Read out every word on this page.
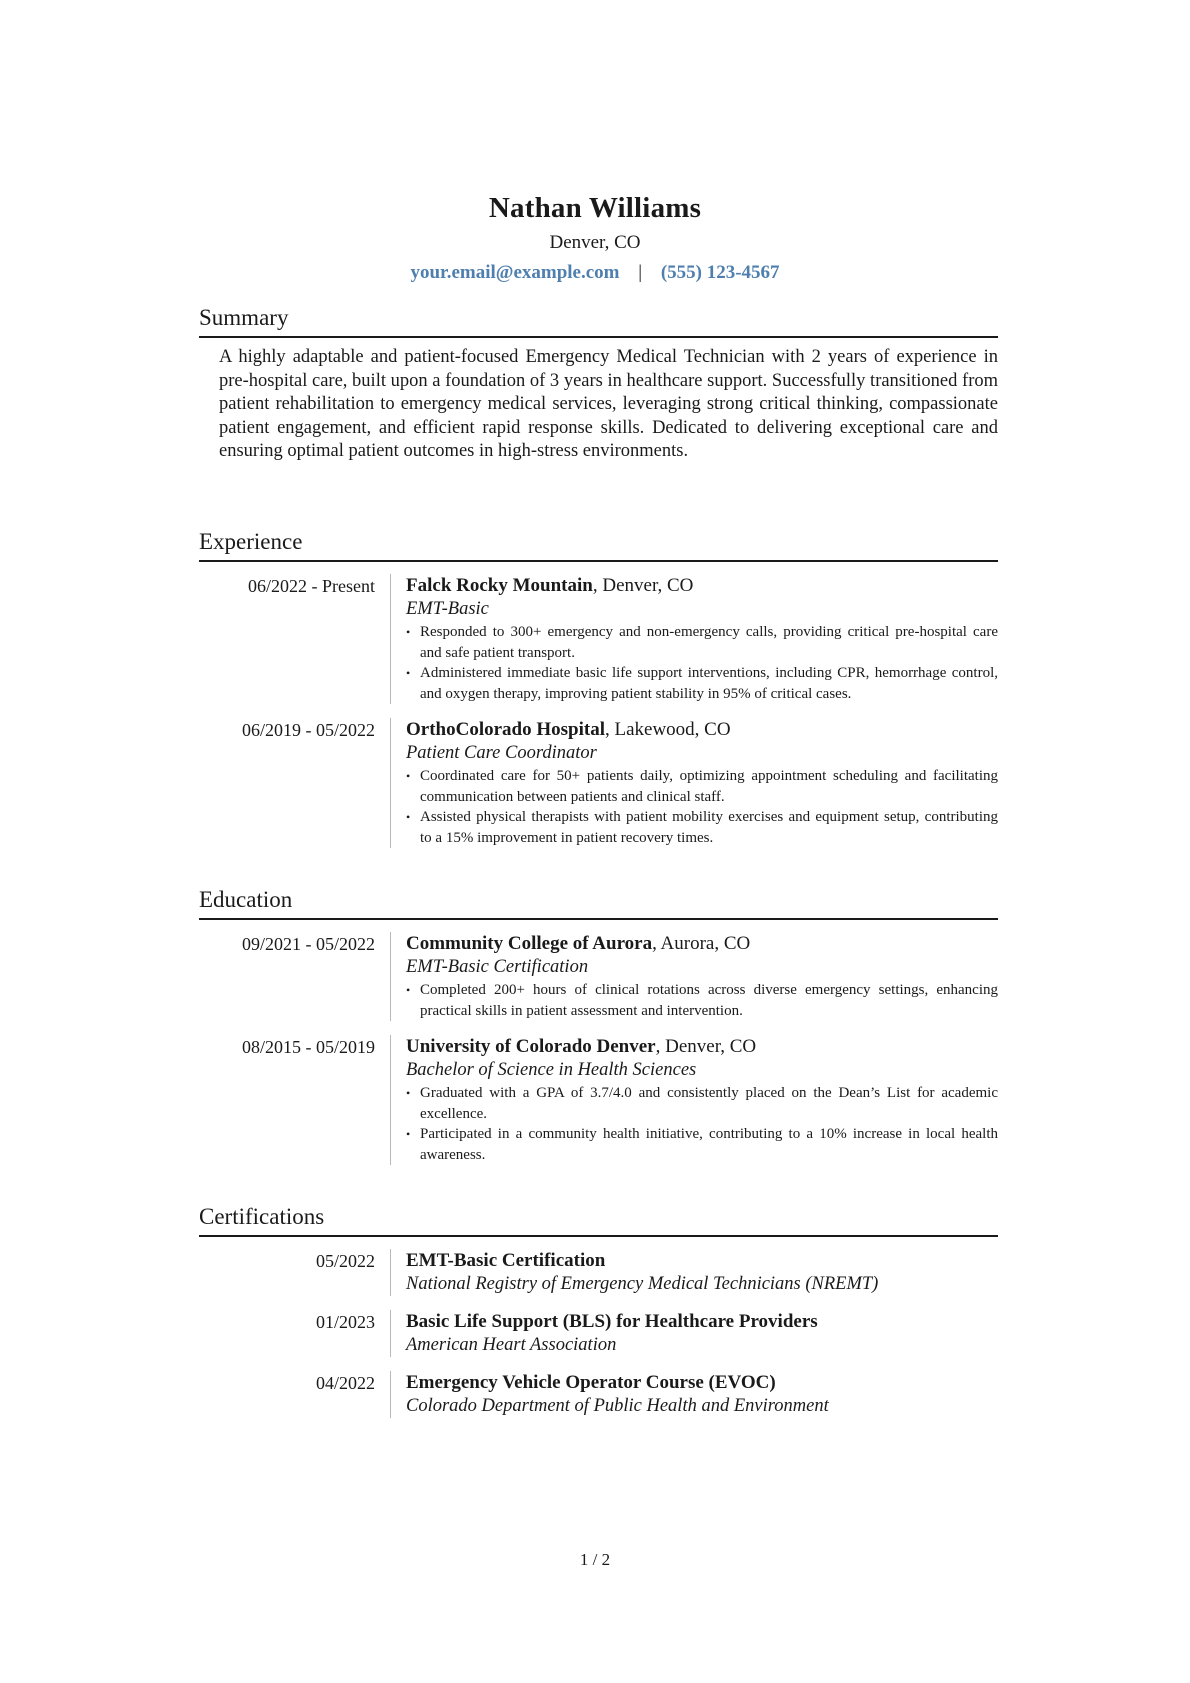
Nathan Williams
Denver, CO
your.email@example.com | (555) 123-4567
Summary

A highly adaptable and patient-focused Emergency Medical Technician with 2 years of experience in pre-hospital care, built upon a foundation of 3 years in healthcare support. Successfully transitioned from patient rehabilitation to emergency medical services, leveraging strong critical thinking, compassionate patient engagement, and efficient rapid response skills. Dedicated to delivering exceptional care and ensuring optimal patient outcomes in high-stress environments.

Experience
06/2022 - Present	Falck Rocky Mountain, Denver, CO
EMT-Basic
• Responded to 300+ emergency and non-emergency calls, providing critical pre-hospital care and safe patient transport.
• Administered immediate basic life support interventions, including CPR, hemorrhage control, and oxygen therapy, improving patient stability in 95% of critical cases.
06/2019 - 05/2022	OrthoColorado Hospital, Lakewood, CO
Patient Care Coordinator
• Coordinated care for 50+ patients daily, optimizing appointment scheduling and facilitating communication between patients and clinical staff.
• Assisted physical therapists with patient mobility exercises and equipment setup, contributing to a 15% improvement in patient recovery times.
Education
09/2021 - 05/2022	Community College of Aurora, Aurora, CO
EMT-Basic Certification
• Completed 200+ hours of clinical rotations across diverse emergency settings, enhancing practical skills in patient assessment and intervention.
08/2015 - 05/2019	University of Colorado Denver, Denver, CO
Bachelor of Science in Health Sciences
• Graduated with a GPA of 3.7/4.0 and consistently placed on the Dean’s List for academic excellence.
• Participated in a community health initiative, contributing to a 10% increase in local health awareness.
Certifications
05/2022	EMT-Basic Certification
National Registry of Emergency Medical Technicians (NREMT)
01/2023	Basic Life Support (BLS) for Healthcare Providers
American Heart Association
04/2022	Emergency Vehicle Operator Course (EVOC)
Colorado Department of Public Health and Environment
1 / 2
